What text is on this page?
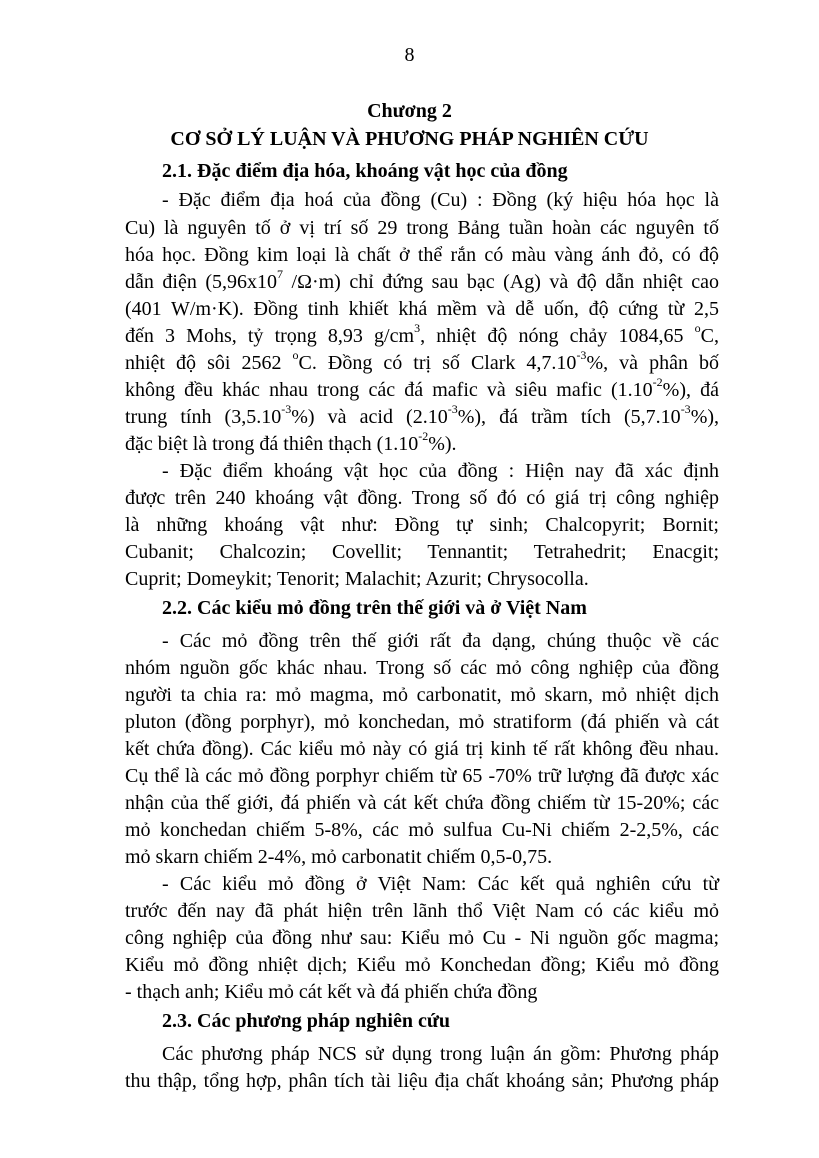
8
Chương 2
CƠ SỞ LÝ LUẬN VÀ PHƯƠNG PHÁP NGHIÊN CỨU
2.1. Đặc điểm địa hóa, khoáng vật học của đồng
- Đặc điểm địa hoá của đồng (Cu) : Đồng (ký hiệu hóa học là
Cu) là nguyên tố ở vị trí số 29 trong Bảng tuần hoàn các nguyên tố
hóa học. Đồng kim loại là chất ở thể rắn có màu vàng ánh đỏ, có độ
dẫn điện ($5,96x10^7$ /Ω·m) chỉ đứng sau bạc (Ag) và độ dẫn nhiệt cao
(401 W/m·K). Đồng tinh khiết khá mềm và dễ uốn, độ cứng từ 2,5
đến 3 Mohs, tỷ trọng 8,93 $g/cm^3$, nhiệt độ nóng chảy 1084,65 $^o$C,
nhiệt độ sôi 2562 $^o$C. Đồng có trị số Clark $4,7.10^{-3}\%$, và phân bố
không đều khác nhau trong các đá mafic và siêu mafic $(1.10^{-2}\%)$, đá
trung tính $(3,5.10^{-3}\%)$ và acid $(2.10^{-3}\%)$, đá trầm tích $(5,7.10^{-3}\%)$,
đặc biệt là trong đá thiên thạch $(1.10^{-2}\%)$.
- Đặc điểm khoáng vật học của đồng : Hiện nay đã xác định
được trên 240 khoáng vật đồng. Trong số đó có giá trị công nghiệp
là những khoáng vật như: Đồng tự sinh; Chalcopyrit; Bornit;
Cubanit; Chalcozin; Covellit; Tennantit; Tetrahedrit; Enacgit;
Cuprit; Domeykit; Tenorit; Malachit; Azurit; Chrysocolla.
2.2. Các kiểu mỏ đồng trên thế giới và ở Việt Nam
- Các mỏ đồng trên thế giới rất đa dạng, chúng thuộc về các
nhóm nguồn gốc khác nhau. Trong số các mỏ công nghiệp của đồng
người ta chia ra: mỏ magma, mỏ carbonatit, mỏ skarn, mỏ nhiệt dịch
pluton (đồng porphyr), mỏ konchedan, mỏ stratiform (đá phiến và cát
kết chứa đồng). Các kiểu mỏ này có giá trị kinh tế rất không đều nhau.
Cụ thể là các mỏ đồng porphyr chiếm từ 65 -70% trữ lượng đã được xác
nhận của thế giới, đá phiến và cát kết chứa đồng chiếm từ 15-20%; các
mỏ konchedan chiếm 5-8%, các mỏ sulfua Cu-Ni chiếm 2-2,5%, các
mỏ skarn chiếm 2-4%, mỏ carbonatit chiếm 0,5-0,75.
- Các kiểu mỏ đồng ở Việt Nam: Các kết quả nghiên cứu từ
trước đến nay đã phát hiện trên lãnh thổ Việt Nam có các kiểu mỏ
công nghiệp của đồng như sau: Kiểu mỏ Cu - Ni nguồn gốc magma;
Kiểu mỏ đồng nhiệt dịch; Kiểu mỏ Konchedan đồng; Kiểu mỏ đồng
- thạch anh; Kiểu mỏ cát kết và đá phiến chứa đồng
2.3. Các phương pháp nghiên cứu
Các phương pháp NCS sử dụng trong luận án gồm: Phương pháp
thu thập, tổng hợp, phân tích tài liệu địa chất khoáng sản; Phương pháp
